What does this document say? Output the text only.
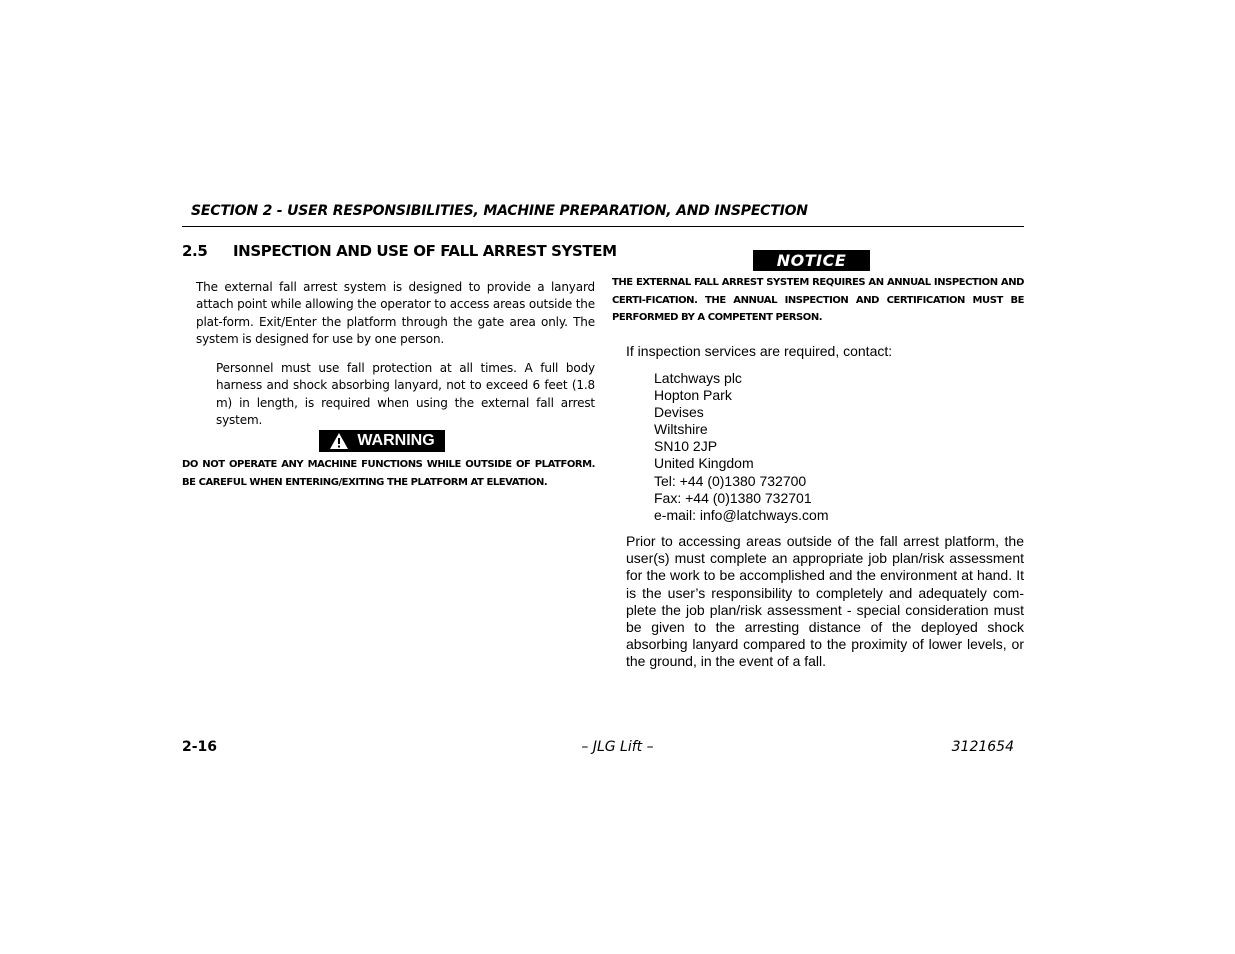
SECTION 2 - USER RESPONSIBILITIES, MACHINE PREPARATION, AND INSPECTION
2.5 INSPECTION AND USE OF FALL ARREST SYSTEM
The external fall arrest system is designed to provide a lanyard attach point while allowing the operator to access areas outside the plat-form. Exit/Enter the platform through the gate area only. The system is designed for use by one person.
Personnel must use fall protection at all times. A full body harness and shock absorbing lanyard, not to exceed 6 feet (1.8 m) in length, is required when using the external fall arrest system.
WARNING
DO NOT OPERATE ANY MACHINE FUNCTIONS WHILE OUTSIDE OF PLATFORM. BE CAREFUL WHEN ENTERING/EXITING THE PLATFORM AT ELEVATION.
NOTICE
THE EXTERNAL FALL ARREST SYSTEM REQUIRES AN ANNUAL INSPECTION AND CERTI-FICATION. THE ANNUAL INSPECTION AND CERTIFICATION MUST BE PERFORMED BY A COMPETENT PERSON.
If inspection services are required, contact:
Latchways plc
Hopton Park
Devises
Wiltshire
SN10 2JP
United Kingdom
Tel: +44 (0)1380 732700
Fax: +44 (0)1380 732701
e-mail: info@latchways.com
Prior to accessing areas outside of the fall arrest platform, the user(s) must complete an appropriate job plan/risk assessment for the work to be accomplished and the environment at hand. It is the user’s responsibility to completely and adequately com-plete the job plan/risk assessment - special consideration must be given to the arresting distance of the deployed shock absorbing lanyard compared to the proximity of lower levels, or the ground, in the event of a fall.
2-16	– JLG Lift –	3121654
